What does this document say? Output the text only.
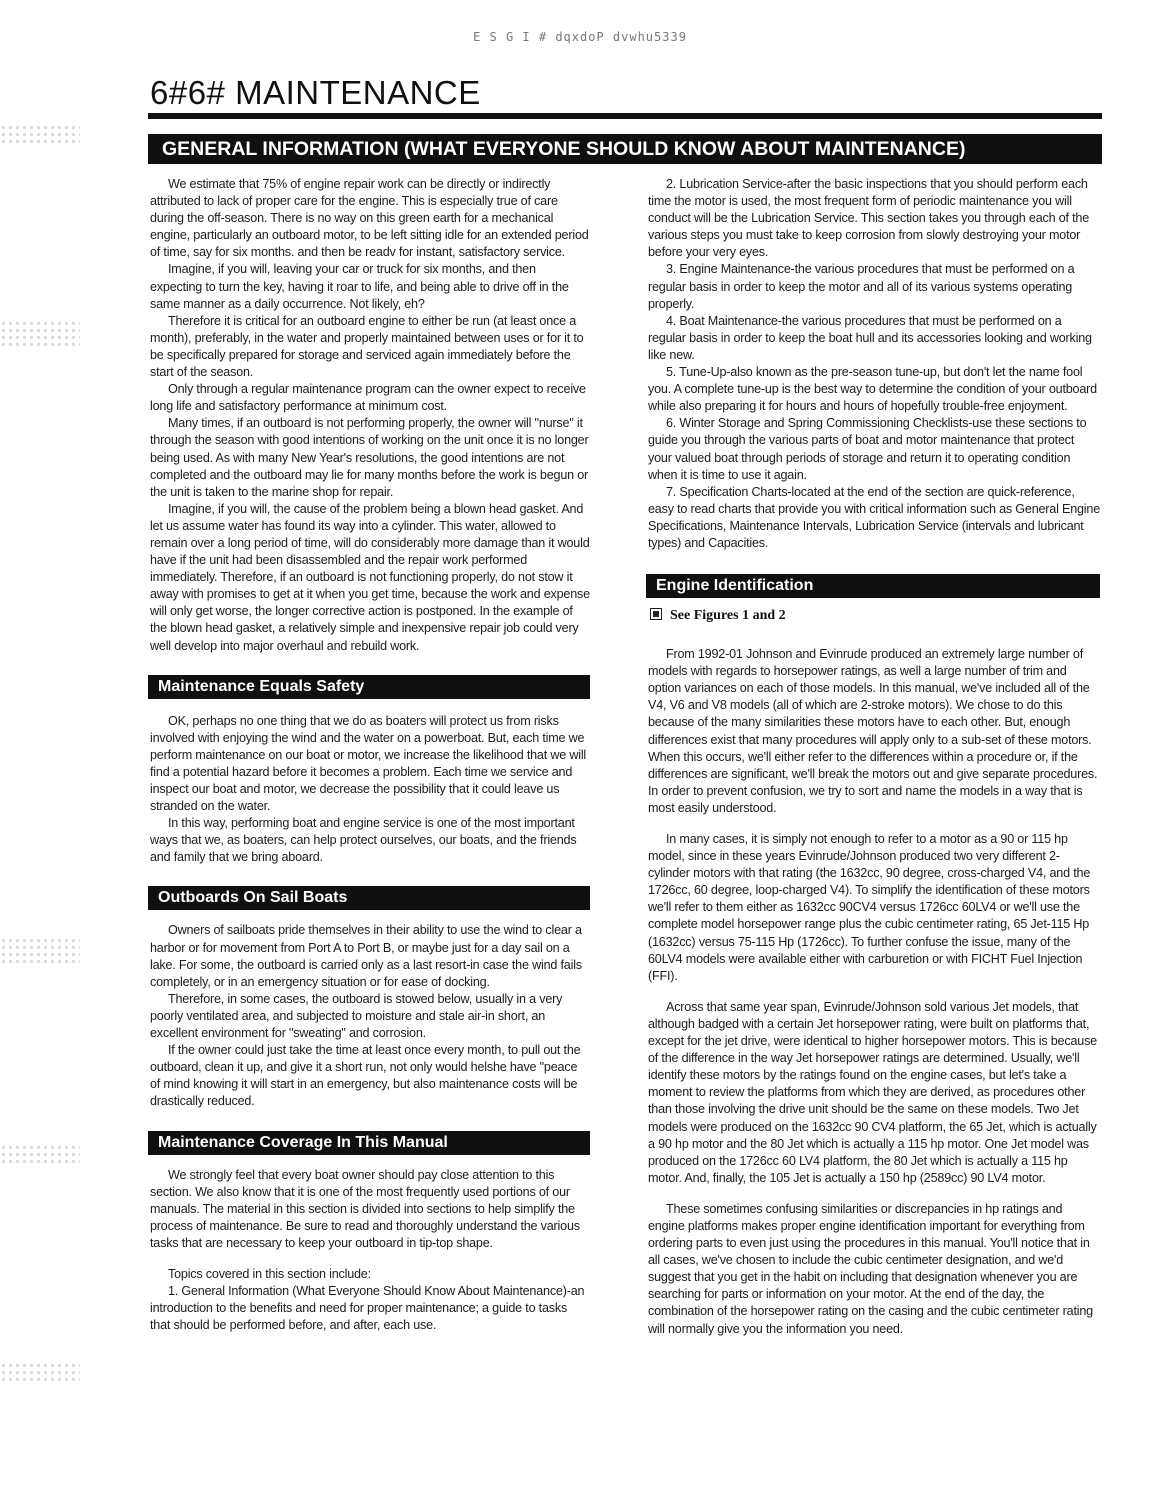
E S G I # dqxdoP dvwhu5339
6#6# MAINTENANCE
GENERAL INFORMATION (WHAT EVERYONE SHOULD KNOW ABOUT MAINTENANCE)

We estimate that 75% of engine repair work can be directly or indirectly attributed to lack of proper care for the engine. This is especially true of care during the off-season. There is no way on this green earth for a mechanical engine, particularly an outboard motor, to be left sitting idle for an extended period of time, say for six months. and then be readv for instant, satisfactory service.

Imagine, if you will, leaving your car or truck for six months, and then expecting to turn the key, having it roar to life, and being able to drive off in the same manner as a daily occurrence. Not likely, eh?

Therefore it is critical for an outboard engine to either be run (at least once a month), preferably, in the water and properly maintained between uses or for it to be specifically prepared for storage and serviced again immediately before the start of the season.

Only through a regular maintenance program can the owner expect to receive long life and satisfactory performance at minimum cost.

Many times, if an outboard is not performing properly, the owner will "nurse" it through the season with good intentions of working on the unit once it is no longer being used. As with many New Year's resolutions, the good intentions are not completed and the outboard may lie for many months before the work is begun or the unit is taken to the marine shop for repair.

Imagine, if you will, the cause of the problem being a blown head gasket. And let us assume water has found its way into a cylinder. This water, allowed to remain over a long period of time, will do considerably more damage than it would have if the unit had been disassembled and the repair work performed immediately. Therefore, if an outboard is not functioning properly, do not stow it away with promises to get at it when you get time, because the work and expense will only get worse, the longer corrective action is postponed. In the example of the blown head gasket, a relatively simple and inexpensive repair job could very well develop into major overhaul and rebuild work.

Maintenance Equals Safety

OK, perhaps no one thing that we do as boaters will protect us from risks involved with enjoying the wind and the water on a powerboat. But, each time we perform maintenance on our boat or motor, we increase the likelihood that we will find a potential hazard before it becomes a problem. Each time we service and inspect our boat and motor, we decrease the possibility that it could leave us stranded on the water.

In this way, performing boat and engine service is one of the most important ways that we, as boaters, can help protect ourselves, our boats, and the friends and family that we bring aboard.

Outboards On Sail Boats

Owners of sailboats pride themselves in their ability to use the wind to clear a harbor or for movement from Port A to Port B, or maybe just for a day sail on a lake. For some, the outboard is carried only as a last resort-in case the wind fails completely, or in an emergency situation or for ease of docking.

Therefore, in some cases, the outboard is stowed below, usually in a very poorly ventilated area, and subjected to moisture and stale air-in short, an excellent environment for "sweating" and corrosion.

If the owner could just take the time at least once every month, to pull out the outboard, clean it up, and give it a short run, not only would helshe have "peace of mind knowing it will start in an emergency, but also maintenance costs will be drastically reduced.

Maintenance Coverage In This Manual

We strongly feel that every boat owner should pay close attention to this section. We also know that it is one of the most frequently used portions of our manuals. The material in this section is divided into sections to help simplify the process of maintenance. Be sure to read and thoroughly understand the various tasks that are necessary to keep your outboard in tip-top shape.

Topics covered in this section include:

1. General Information (What Everyone Should Know About Maintenance)-an introduction to the benefits and need for proper maintenance; a guide to tasks that should be performed before, and after, each use.

2. Lubrication Service-after the basic inspections that you should perform each time the motor is used, the most frequent form of periodic maintenance you will conduct will be the Lubrication Service. This section takes you through each of the various steps you must take to keep corrosion from slowly destroying your motor before your very eyes.

3. Engine Maintenance-the various procedures that must be performed on a regular basis in order to keep the motor and all of its various systems operating properly.

4. Boat Maintenance-the various procedures that must be performed on a regular basis in order to keep the boat hull and its accessories looking and working like new.

5. Tune-Up-also known as the pre-season tune-up, but don't let the name fool you. A complete tune-up is the best way to determine the condition of your outboard while also preparing it for hours and hours of hopefully trouble-free enjoyment.

6. Winter Storage and Spring Commissioning Checklists-use these sections to guide you through the various parts of boat and motor maintenance that protect your valued boat through periods of storage and return it to operating condition when it is time to use it again.

7. Specification Charts-located at the end of the section are quick-reference, easy to read charts that provide you with critical information such as General Engine Specifications, Maintenance Intervals, Lubrication Service (intervals and lubricant types) and Capacities.

Engine Identification
See Figures 1 and 2

From 1992-01 Johnson and Evinrude produced an extremely large number of models with regards to horsepower ratings, as well a large number of trim and option variances on each of those models. In this manual, we've included all of the V4, V6 and V8 models (all of which are 2-stroke motors). We chose to do this because of the many similarities these motors have to each other. But, enough differences exist that many procedures will apply only to a sub-set of these motors. When this occurs, we'll either refer to the differences within a procedure or, if the differences are significant, we'll break the motors out and give separate procedures. In order to prevent confusion, we try to sort and name the models in a way that is most easily understood.

In many cases, it is simply not enough to refer to a motor as a 90 or 115 hp model, since in these years Evinrude/Johnson produced two very different 2-cylinder motors with that rating (the 1632cc, 90 degree, cross-charged V4, and the 1726cc, 60 degree, loop-charged V4). To simplify the identification of these motors we'll refer to them either as 1632cc 90CV4 versus 1726cc 60LV4 or we'll use the complete model horsepower range plus the cubic centimeter rating, 65 Jet-115 Hp (1632cc) versus 75-115 Hp (1726cc). To further confuse the issue, many of the 60LV4 models were available either with carburetion or with FICHT Fuel Injection (FFI).

Across that same year span, Evinrude/Johnson sold various Jet models, that although badged with a certain Jet horsepower rating, were built on platforms that, except for the jet drive, were identical to higher horsepower motors. This is because of the difference in the way Jet horsepower ratings are determined. Usually, we'll identify these motors by the ratings found on the engine cases, but let's take a moment to review the platforms from which they are derived, as procedures other than those involving the drive unit should be the same on these models. Two Jet models were produced on the 1632cc 90 CV4 platform, the 65 Jet, which is actually a 90 hp motor and the 80 Jet which is actually a 115 hp motor. One Jet model was produced on the 1726cc 60 LV4 platform, the 80 Jet which is actually a 115 hp motor. And, finally, the 105 Jet is actually a 150 hp (2589cc) 90 LV4 motor.

These sometimes confusing similarities or discrepancies in hp ratings and engine platforms makes proper engine identification important for everything from ordering parts to even just using the procedures in this manual. You'll notice that in all cases, we've chosen to include the cubic centimeter designation, and we'd suggest that you get in the habit on including that designation whenever you are searching for parts or information on your motor. At the end of the day, the combination of the horsepower rating on the casing and the cubic centimeter rating will normally give you the information you need.
